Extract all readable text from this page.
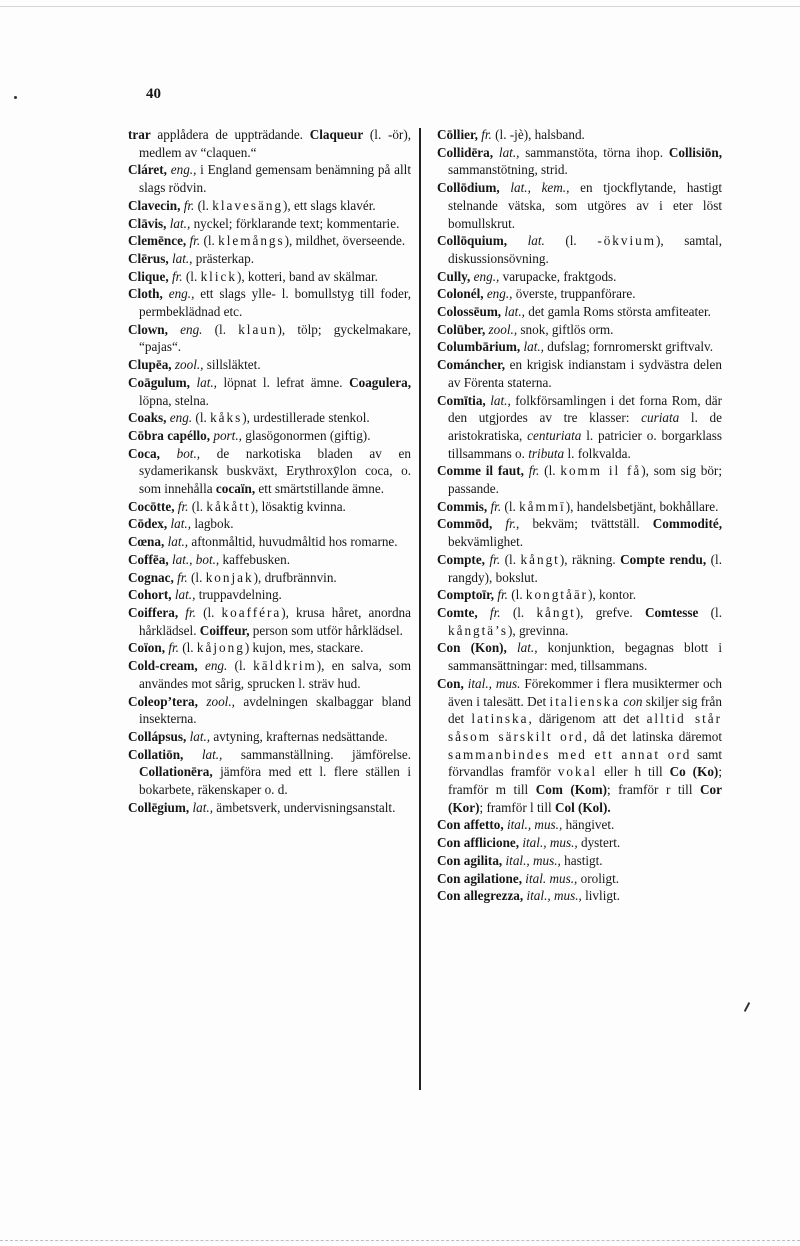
40

trar applådera de uppträdande. Claqueur (l. -ör), medlem av “claquen.“

Cláret, eng., i England gemensam benämning på allt slags rödvin.

Clavecin, fr. (l. klavesäng), ett slags klavér.

Clāvis, lat., nyckel; förklarande text; kommentarie.

Clemēnce, fr. (l. klemångs), mildhet, överseende.

Clērus, lat., prästerkap.

Clique, fr. (l. klick), kotteri, band av skälmar.

Cloth, eng., ett slags ylle- l. bomullstyg till foder, permbeklädnad etc.

Clown, eng. (l. klaun), tölp; gyckelmakare, “pajas“.

Clupēa, zool., sillsläktet.

Coāgulum, lat., löpnat l. lefrat ämne. Coagulera, löpna, stelna.

Coaks, eng. (l. kåks), urdestillerade stenkol.

Cōbra capéllo, port., glasögonormen (giftig).

Coca, bot., de narkotiska bladen av en sydamerikansk buskväxt, Erythroxȳlon coca, o. som innehålla cocaïn, ett smärtstillande ämne.

Cocōtte, fr. (l. kåkått), lösaktig kvinna.

Cōdex, lat., lagbok.

Cœna, lat., aftonmåltid, huvudmåltid hos romarne.

Coffēa, lat., bot., kaffebusken.

Cognac, fr. (l. konjak), drufbrännvin.

Cohort, lat., truppavdelning.

Coiffera, fr. (l. koafféra), krusa håret, anordna hårklädsel. Coiffeur, person som utför hårklädsel.

Coïon, fr. (l. kåjong) kujon, mes, stackare.

Cold-cream, eng. (l. kāldkrim), en salva, som användes mot sårig, sprucken l. sträv hud.

Coleop’tera, zool., avdelningen skalbaggar bland insekterna.

Collápsus, lat., avtyning, krafternas nedsättande.

Collatiōn, lat., sammanställning. jämförelse. Collationēra, jämföra med ett l. flere ställen i bokarbete, räkenskaper o. d.

Collēgium, lat., ämbetsverk, undervisningsanstalt.

Cōllier, fr. (l. -jè), halsband.

Collidēra, lat., sammanstöta, törna ihop. Collisiōn, sammanstötning, strid.

Collōdium, lat., kem., en tjockflytande, hastigt stelnande vätska, som utgöres av i eter löst bomullskrut.

Collōquium, lat. (l. -ökvium), samtal, diskussionsövning.

Cully, eng., varupacke, fraktgods.

Colonél, eng., överste, truppanförare.

Colossēum, lat., det gamla Roms största amfiteater.

Colūber, zool., snok, giftlös orm.

Columbārium, lat., dufslag; fornromerskt griftvalv.

Cománcher, en krigisk indianstam i sydvästra delen av Förenta staterna.

Comītia, lat., folkförsamlingen i det forna Rom, där den utgjordes av tre klasser: curiata l. de aristokratiska, centuriata l. patricier o. borgarklass tillsammans o. tributa l. folkvalda.

Comme il faut, fr. (l. komm il få), som sig bör; passande.

Commis, fr. (l. kåmmī), handelsbetjänt, bokhållare.

Commōd, fr., bekväm; tvättställ. Commodité, bekvämlighet.

Compte, fr. (l. kångt), räkning. Compte rendu, (l. rangdy), bokslut.

Comptoīr, fr. (l. kongtåār), kontor.

Comte, fr. (l. kångt), grefve. Comtesse (l. kångtä’s), grevinna.

Con (Kon), lat., konjunktion, begagnas blott i sammansättningar: med, tillsammans.

Con, ital., mus. Förekommer i flera musiktermer och även i talesätt. Det italienska con skiljer sig från det latinska, därigenom att det alltid står såsom särskilt ord, då det latinska däremot sammanbindes med ett annat ord samt förvandlas framför vokal eller h till Co (Ko); framför m till Com (Kom); framför r till Cor (Kor); framför l till Col (Kol).

Con affetto, ital., mus., hängivet.

Con afflicione, ital., mus., dystert.

Con agilita, ital., mus., hastigt.

Con agilatione, ital. mus., oroligt.

Con allegrezza, ital., mus., livligt.
